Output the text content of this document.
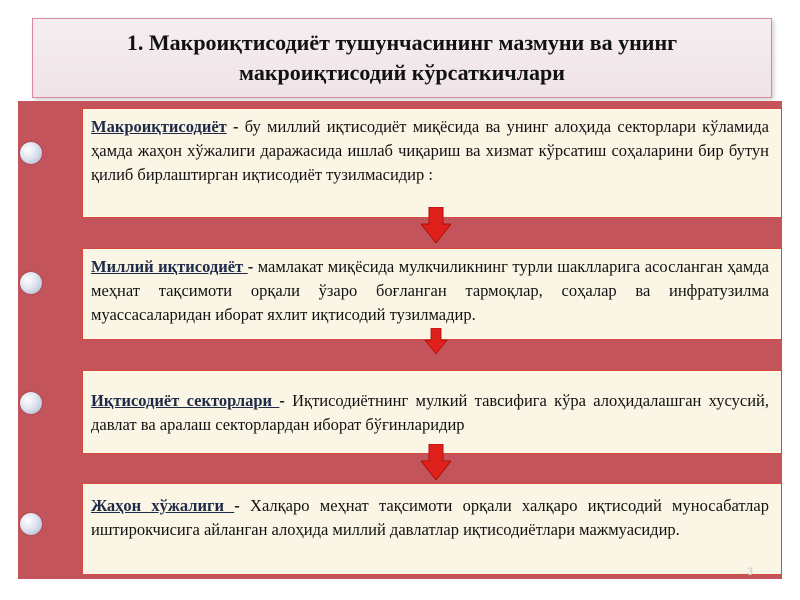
1. Макроиқтисодиёт тушунчасининг мазмуни ва унинг
макроиқтисодий кўрсаткичлари

Макроиқтисодиёт - бу миллий иқтисодиёт миқёсида ва унинг алоҳида секторлари кўламида ҳамда жаҳон хўжалиги даражасида ишлаб чиқариш ва хизмат кўрсатиш соҳаларини бир бутун қилиб бирлаштирган иқтисодиёт тузилмасидир :

Миллий иқтисодиёт - мамлакат миқёсида мулкчиликнинг турли шаклларига асосланган ҳамда меҳнат тақсимоти орқали ўзаро боғланган тармоқлар, соҳалар ва инфратузилма муассасаларидан иборат яхлит иқтисодий тузилмадир.

Иқтисодиёт секторлари - Иқтисодиётнинг мулкий тавсифига кўра алоҳидалашган хусусий, давлат ва аралаш секторлардан иборат бўғинларидир

Жаҳон хўжалиги - Халқаро меҳнат тақсимоти орқали халқаро иқтисодий муносабатлар иштирокчисига айланган алоҳида миллий давлатлар иқтисодиётлари мажмуасидир.

3
